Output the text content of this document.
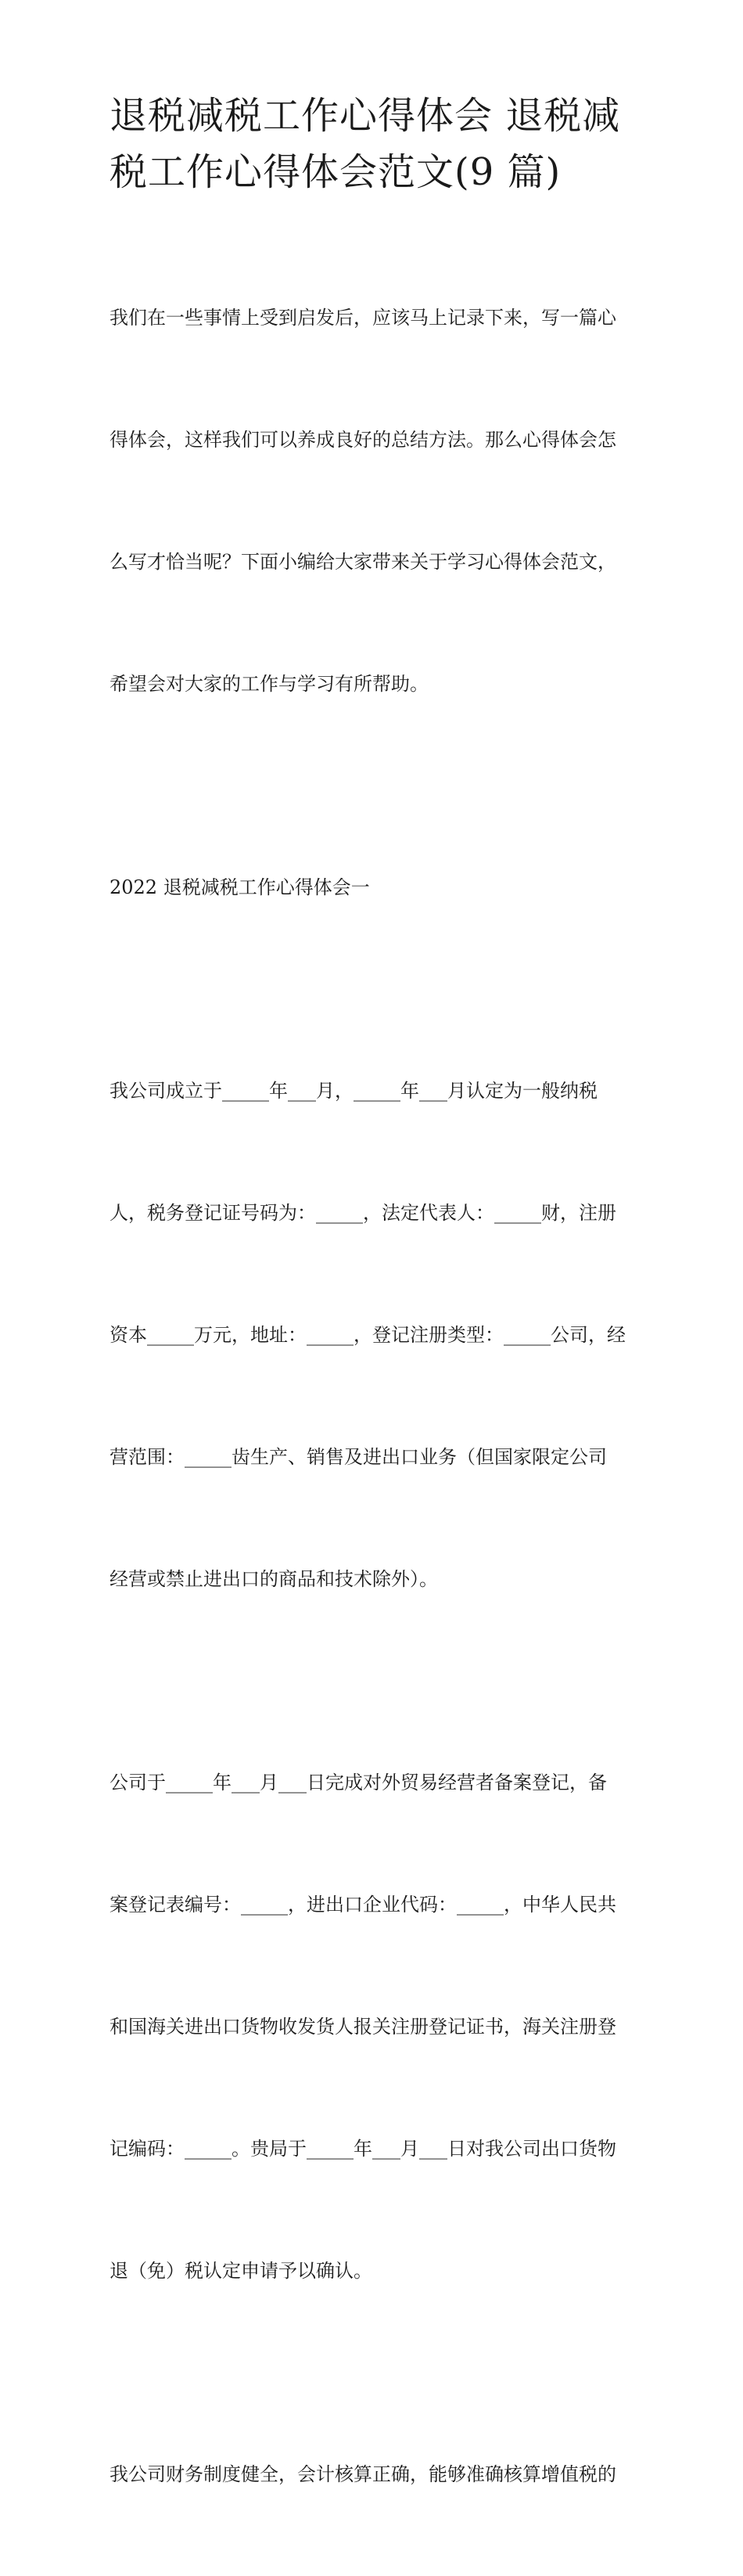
退税减税工作心得体会 退税减
税工作心得体会范文(9 篇)

我们在一些事情上受到启发后，应该马上记录下来，写一篇心

得体会，这样我们可以养成良好的总结方法。那么心得体会怎

么写才恰当呢？下面小编给大家带来关于学习心得体会范文，

希望会对大家的工作与学习有所帮助。

2022 退税减税工作心得体会一

我公司成立于_____年___月，_____年___月认定为一般纳税

人，税务登记证号码为：_____，法定代表人：_____财，注册

资本_____万元，地址：_____，登记注册类型：_____公司，经

营范围：_____齿生产、销售及进出口业务（但国家限定公司

经营或禁止进出口的商品和技术除外）。

公司于_____年___月___日完成对外贸易经营者备案登记，备

案登记表编号：_____，进出口企业代码：_____，中华人民共

和国海关进出口货物收发货人报关注册登记证书，海关注册登

记编码：_____。贵局于_____年___月___日对我公司出口货物

退（免）税认定申请予以确认。

我公司财务制度健全，会计核算正确，能够准确核算增值税的
